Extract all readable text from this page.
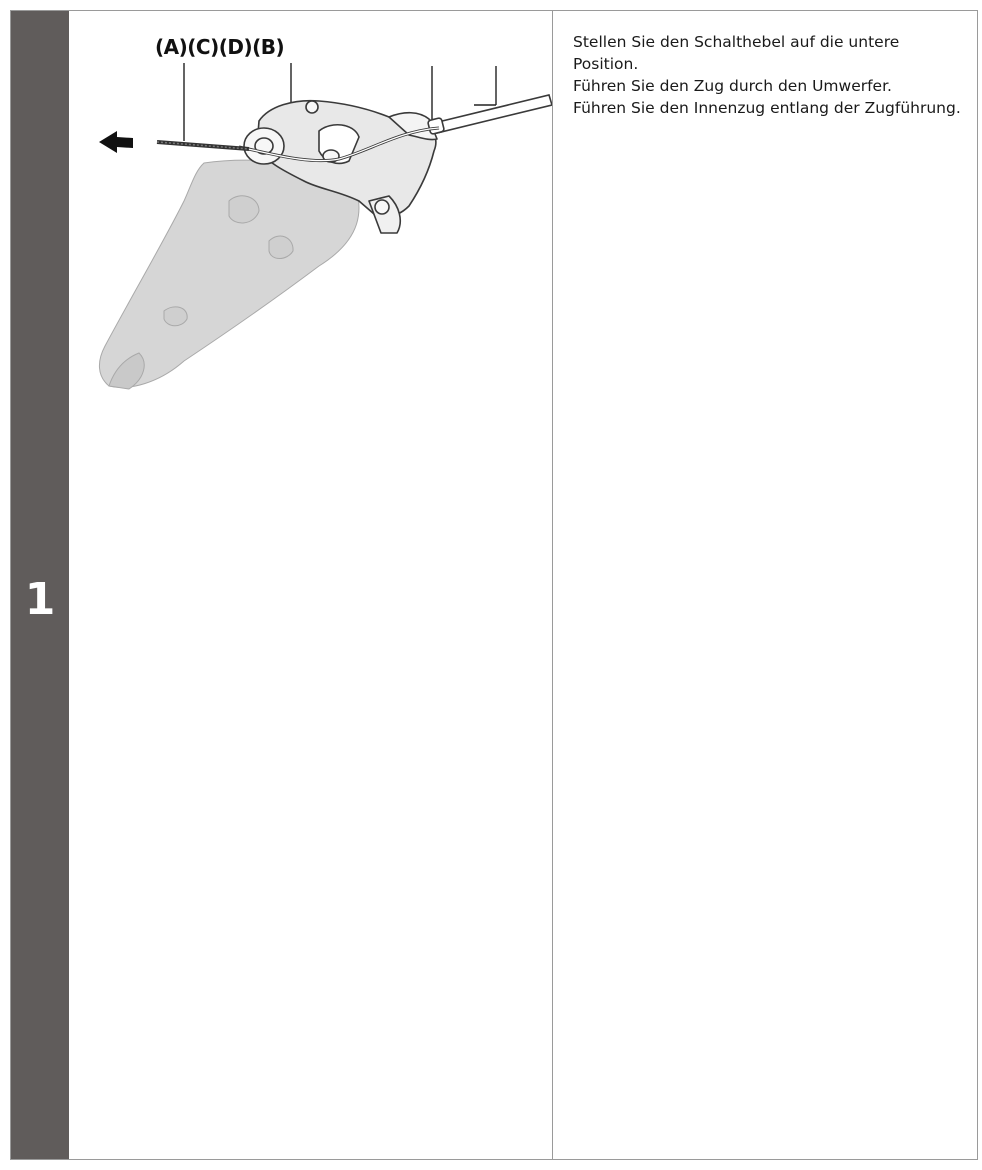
1
(A)(C)(D)(B)	Stellen Sie den Schalthebel auf die untere Position.

Führen Sie den Zug durch den Umwerfer.

Führen Sie den Innenzug entlang der Zugführung.
